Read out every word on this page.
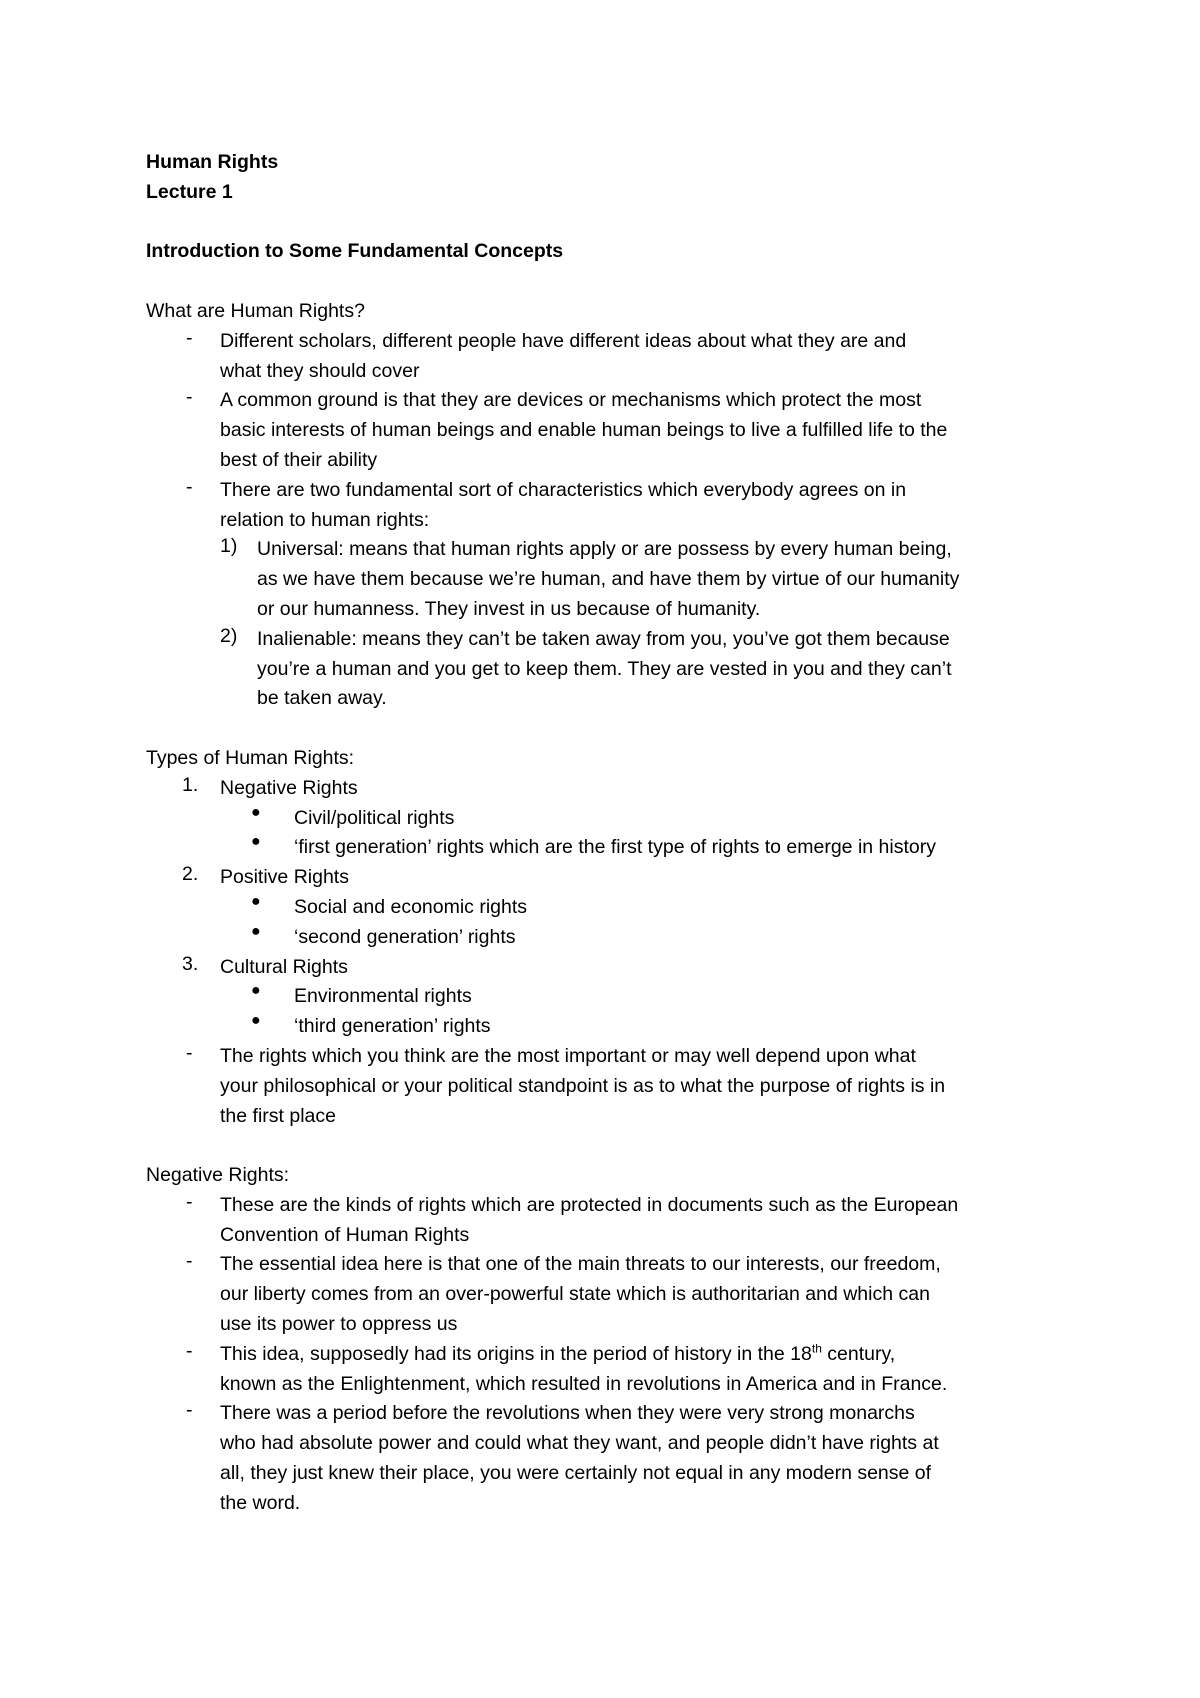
Human Rights
Lecture 1
Introduction to Some Fundamental Concepts
What are Human Rights?
- Different scholars, different people have different ideas about what they are and
what they should cover
- A common ground is that they are devices or mechanisms which protect the most
basic interests of human beings and enable human beings to live a fulfilled life to the
best of their ability
- There are two fundamental sort of characteristics which everybody agrees on in
relation to human rights:
1) Universal: means that human rights apply or are possess by every human being,
as we have them because we’re human, and have them by virtue of our humanity
or our humanness. They invest in us because of humanity.
2) Inalienable: means they can’t be taken away from you, you’ve got them because
you’re a human and you get to keep them. They are vested in you and they can’t
be taken away.
Types of Human Rights:
1. Negative Rights
● Civil/political rights
● ‘first generation’ rights which are the first type of rights to emerge in history
2. Positive Rights
● Social and economic rights
● ‘second generation’ rights
3. Cultural Rights
● Environmental rights
● ‘third generation’ rights
- The rights which you think are the most important or may well depend upon what
your philosophical or your political standpoint is as to what the purpose of rights is in
the first place
Negative Rights:
- These are the kinds of rights which are protected in documents such as the European
Convention of Human Rights
- The essential idea here is that one of the main threats to our interests, our freedom,
our liberty comes from an over-powerful state which is authoritarian and which can
use its power to oppress us
- This idea, supposedly had its origins in the period of history in the 18th century,
known as the Enlightenment, which resulted in revolutions in America and in France.
- There was a period before the revolutions when they were very strong monarchs
who had absolute power and could what they want, and people didn’t have rights at
all, they just knew their place, you were certainly not equal in any modern sense of
the word.
